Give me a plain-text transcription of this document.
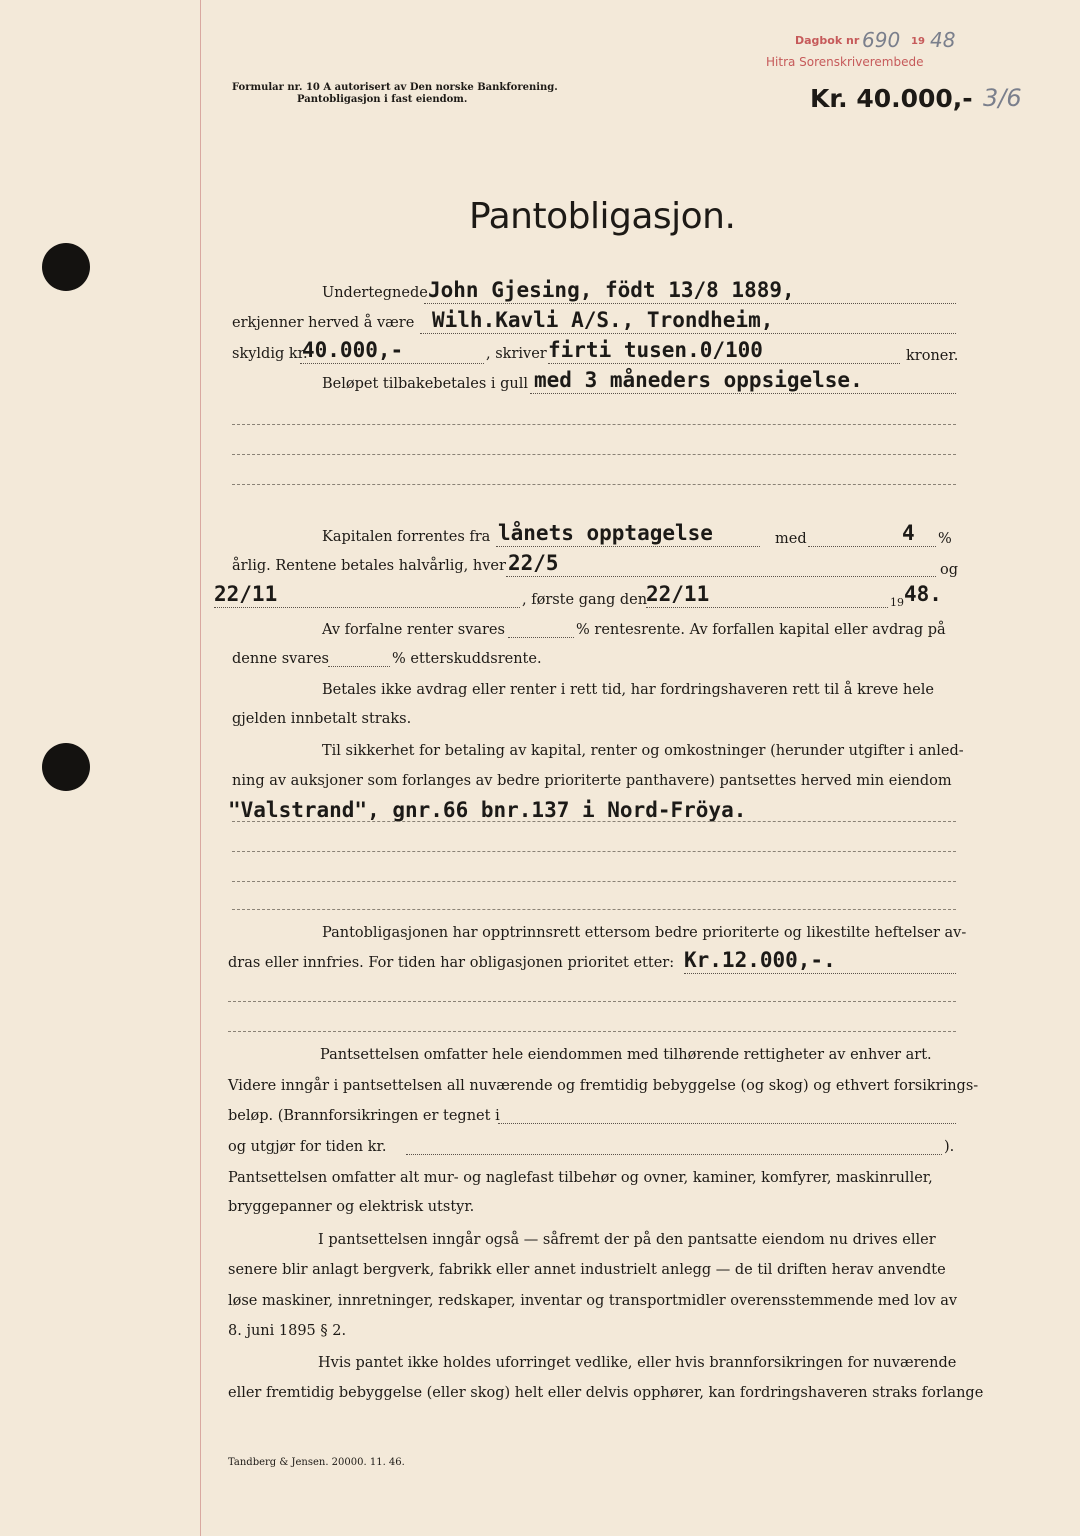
Formular nr. 10 A autorisert av Den norske Bankforening.
Pantobligasjon i fast eiendom.
Dagbok nr 690 19 48
Hitra Sorenskriverembede
Kr. 40.000,- 3/6
Pantobligasjon.
Undertegnede John Gjesing, födt 13/8 1889,
erkjenner herved å være Wilh.Kavli A/S., Trondheim,
skyldig kr.
40.000,-	, skriver firti tusen.0/100	kroner.
Beløpet tilbakebetales i gull med 3 måneders oppsigelse.
Kapitalen forrentes fra lånets opptagelse	med	4 %
årlig. Rentene betales halvårlig, hver 22/5	og
22/11	, første gang den
22/11	19 48.
Av forfalne renter svares	% rentesrente. Av forfallen kapital eller avdrag på
denne svares	% etterskuddsrente.
Betales ikke avdrag eller renter i rett tid, har fordringshaveren rett til å kreve hele
gjelden innbetalt straks.
Til sikkerhet for betaling av kapital, renter og omkostninger (herunder utgifter i anled-
ning av auksjoner som forlanges av bedre prioriterte panthavere) pantsettes herved min eiendom
"Valstrand", gnr.66 bnr.137 i Nord-Fröya.
Pantobligasjonen har opptrinnsrett ettersom bedre prioriterte og likestilte heftelser av-
dras eller innfries. For tiden har obligasjonen prioritet etter: Kr.12.000,-.
Pantsettelsen omfatter hele eiendommen med tilhørende rettigheter av enhver art.
Videre inngår i pantsettelsen all nuværende og fremtidig bebyggelse (og skog) og ethvert forsikrings-
beløp. (Brannforsikringen er tegnet i
og utgjør for tiden kr.	).
Pantsettelsen omfatter alt mur- og naglefast tilbehør og ovner, kaminer, komfyrer, maskinruller,
bryggepanner og elektrisk utstyr.
I pantsettelsen inngår også — såfremt der på den pantsatte eiendom nu drives eller
senere blir anlagt bergverk, fabrikk eller annet industrielt anlegg — de til driften herav anvendte
løse maskiner, innretninger, redskaper, inventar og transportmidler overensstemmende med lov av
8. juni 1895 § 2.
Hvis pantet ikke holdes uforringet vedlike, eller hvis brannforsikringen for nuværende
eller fremtidig bebyggelse (eller skog) helt eller delvis opphører, kan fordringshaveren straks forlange
Tandberg & Jensen. 20000. 11. 46.
